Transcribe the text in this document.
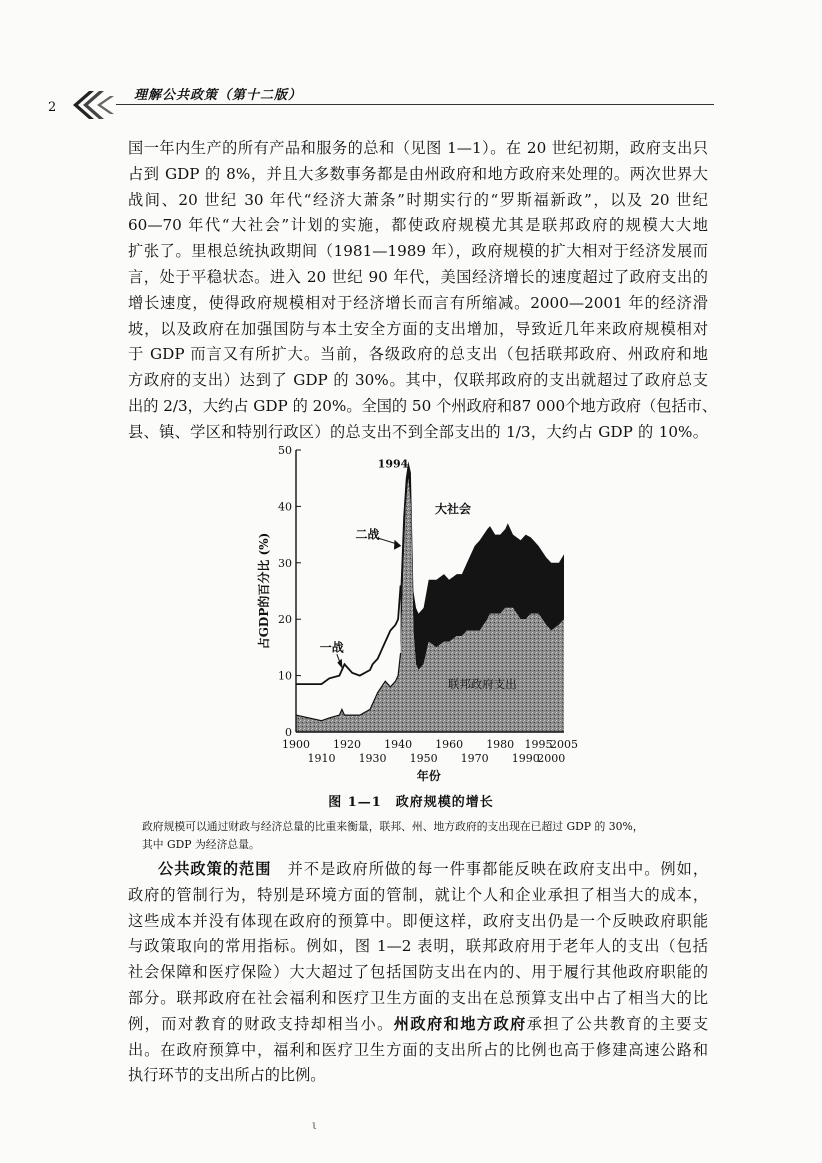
2
理解公共政策（第十二版）
国一年内生产的所有产品和服务的总和（见图 1—1）。在 20 世纪初期，政府支出只
占到 GDP 的 8%，并且大多数事务都是由州政府和地方政府来处理的。两次世界大
战间、20 世纪 30 年代“经济大萧条”时期实行的“罗斯福新政”，以及 20 世纪
60—70 年代“大社会”计划的实施，都使政府规模尤其是联邦政府的规模大大地
扩张了。里根总统执政期间（1981—1989 年），政府规模的扩大相对于经济发展而
言，处于平稳状态。进入 20 世纪 90 年代，美国经济增长的速度超过了政府支出的
增长速度，使得政府规模相对于经济增长而言有所缩减。2000—2001 年的经济滑
坡，以及政府在加强国防与本土安全方面的支出增加，导致近几年来政府规模相对
于 GDP 而言又有所扩大。当前，各级政府的总支出（包括联邦政府、州政府和地
方政府的支出）达到了 GDP 的 30%。其中，仅联邦政府的支出就超过了政府总支
出的 2/3，大约占 GDP 的 20%。全国的 50 个州政府和87 000个地方政府（包括市、
县、镇、学区和特别行政区）的总支出不到全部支出的 1/3，大约占 GDP 的 10%。
0
10
20
30
40
50
1900 1920 1940 1960 1980 1995
2005
1910 1930 1950 1970 1990
2000
年份
占GDP的百分比 (%)
1994
二战
一战
大社会
联邦政府支出
图 1—1　政府规模的增长
政府规模可以通过财政与经济总量的比重来衡量，联邦、州、地方政府的支出现在已超过 GDP 的 30%，
其中 GDP 为经济总量。
公共政策的范围　并不是政府所做的每一件事都能反映在政府支出中。例如，
政府的管制行为，特别是环境方面的管制，就让个人和企业承担了相当大的成本，
这些成本并没有体现在政府的预算中。即便这样，政府支出仍是一个反映政府职能
与政策取向的常用指标。例如，图 1—2 表明，联邦政府用于老年人的支出（包括
社会保障和医疗保险）大大超过了包括国防支出在内的、用于履行其他政府职能的
部分。联邦政府在社会福利和医疗卫生方面的支出在总预算支出中占了相当大的比
例，而对教育的财政支持却相当小。州政府和地方政府承担了公共教育的主要支
出。在政府预算中，福利和医疗卫生方面的支出所占的比例也高于修建高速公路和
执行环节的支出所占的比例。
ι
